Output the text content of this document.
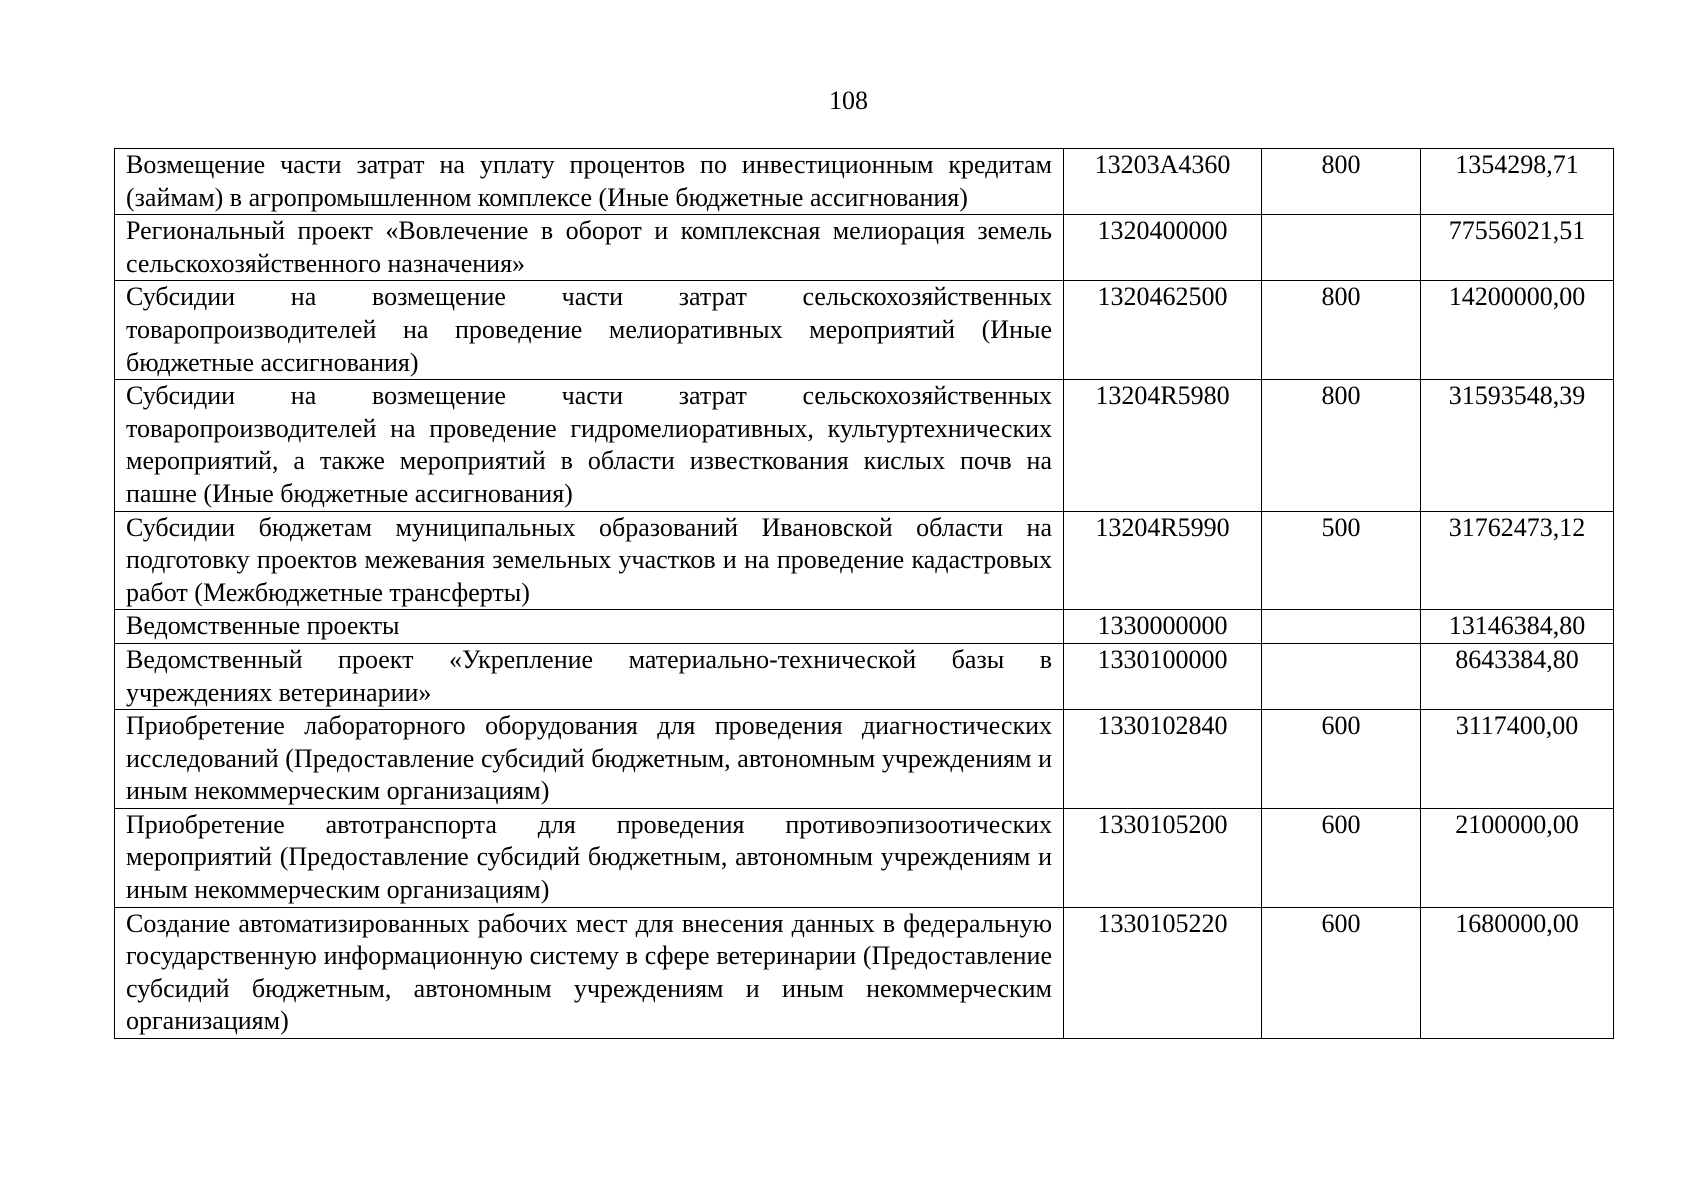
108
Возмещение части затрат на уплату процентов по инвестиционным кредитам (займам) в агропромышленном комплексе (Иные бюджетные ассигнования)	13203А4360	800	1354298,71
Региональный проект «Вовлечение в оборот и комплексная мелиорация земель сельскохозяйственного назначения»	1320400000		77556021,51
Субсидии на возмещение части затрат сельскохозяйственных товаропроизводителей на проведение мелиоративных мероприятий (Иные бюджетные ассигнования)	1320462500	800	14200000,00
Субсидии на возмещение части затрат сельскохозяйственных товаропроизводителей на проведение гидромелиоративных, культуртехнических мероприятий, а также мероприятий в области известкования кислых почв на пашне (Иные бюджетные ассигнования)	13204R5980	800	31593548,39
Субсидии бюджетам муниципальных образований Ивановской области на подготовку проектов межевания земельных участков и на проведение кадастровых работ (Межбюджетные трансферты)	13204R5990	500	31762473,12
Ведомственные проекты	1330000000		13146384,80
Ведомственный проект «Укрепление материально-технической базы в учреждениях ветеринарии»	1330100000		8643384,80
Приобретение лабораторного оборудования для проведения диагностических исследований (Предоставление субсидий бюджетным, автономным учреждениям и иным некоммерческим организациям)	1330102840	600	3117400,00
Приобретение автотранспорта для проведения противоэпизоотических мероприятий (Предоставление субсидий бюджетным, автономным учреждениям и иным некоммерческим организациям)	1330105200	600	2100000,00
Создание автоматизированных рабочих мест для внесения данных в федеральную государственную информационную систему в сфере ветеринарии (Предоставление субсидий бюджетным, автономным учреждениям и иным некоммерческим организациям)	1330105220	600	1680000,00
